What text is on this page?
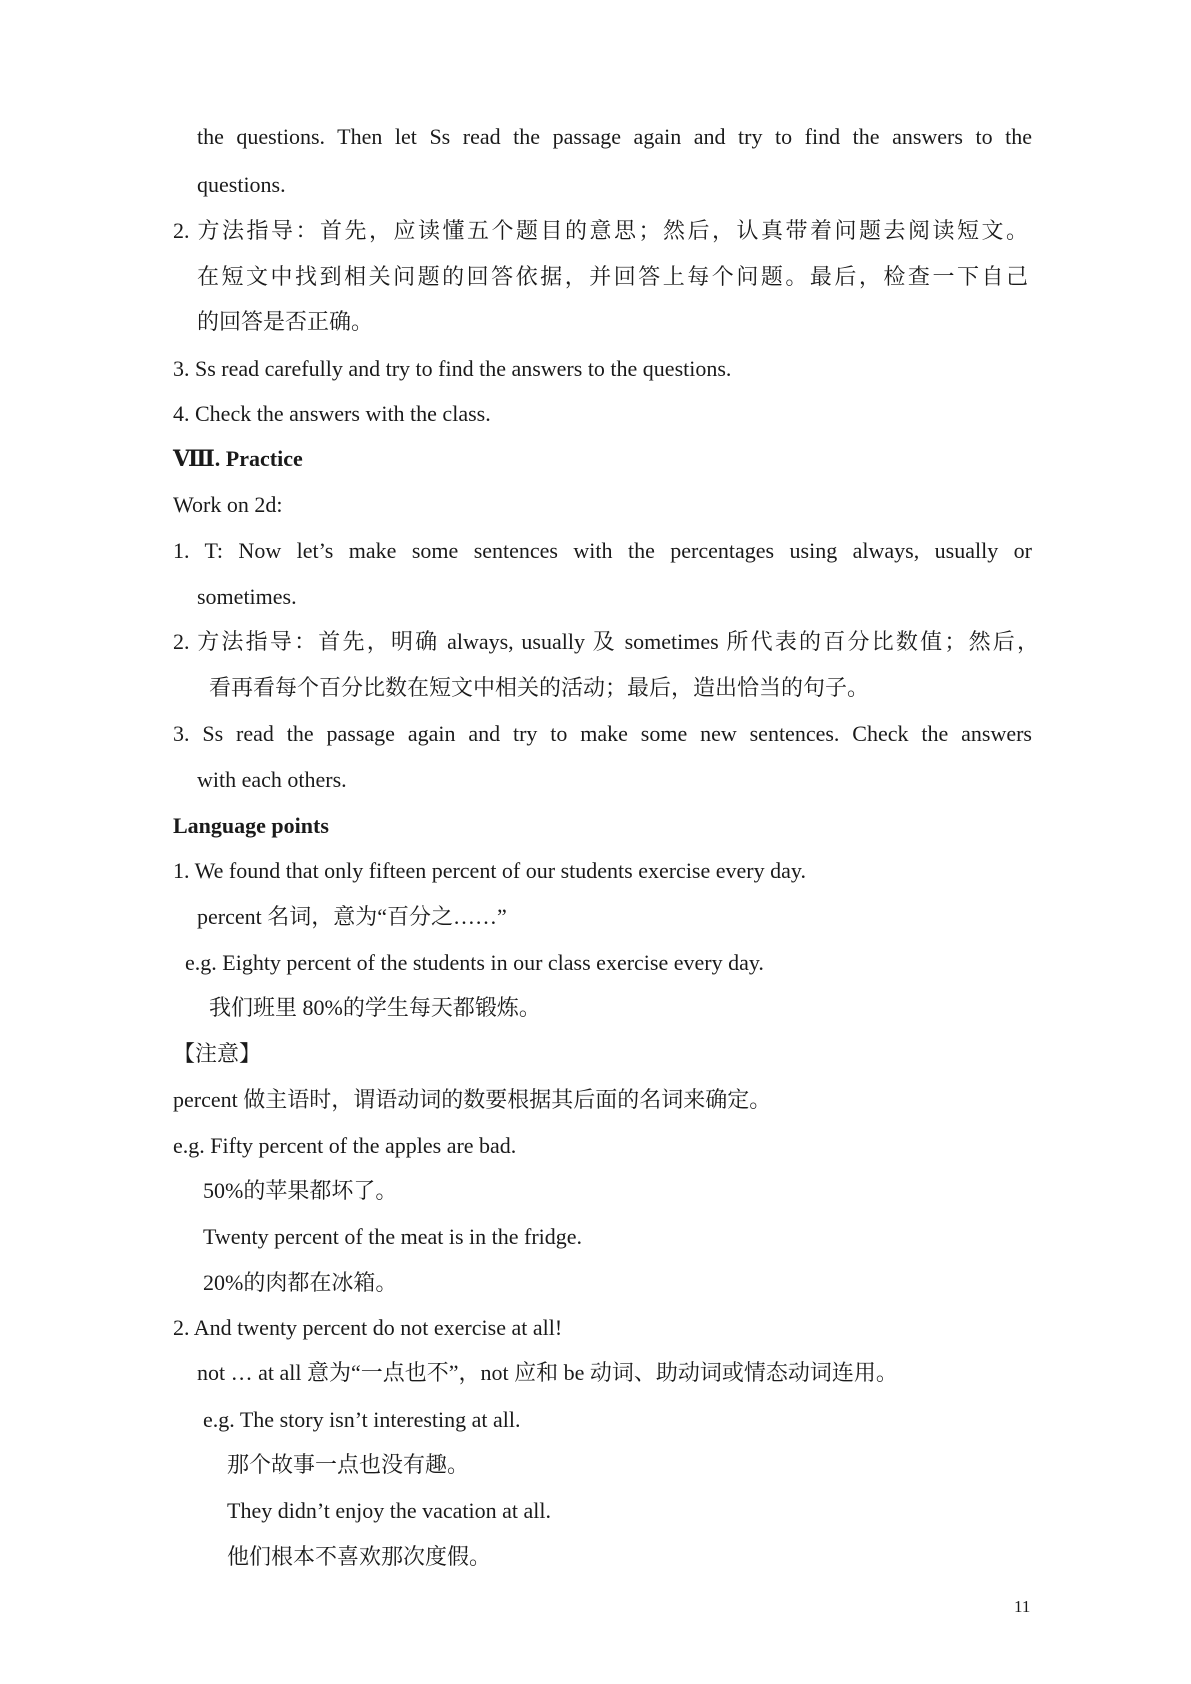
the questions. Then let Ss read the passage again and try to find the answers to the
questions.
2. 方法指导：首先，应读懂五个题目的意思；然后，认真带着问题去阅读短文。
在短文中找到相关问题的回答依据，并回答上每个问题。最后，检查一下自己
的回答是否正确。
3. Ss read carefully and try to find the answers to the questions.
4. Check the answers with the class.
Ⅷ. Practice
Work on 2d:
1. T: Now let’s make some sentences with the percentages using always, usually or
sometimes.
2. 方法指导：首先，明确 always, usually 及 sometimes 所代表的百分比数值；然后，
看再看每个百分比数在短文中相关的活动；最后，造出恰当的句子。
3. Ss read the passage again and try to make some new sentences. Check the answers
with each others.
Language points
1. We found that only fifteen percent of our students exercise every day.
percent 名词，意为“百分之……”
e.g. Eighty percent of the students in our class exercise every day.
我们班里 80%的学生每天都锻炼。
【注意】
percent 做主语时，谓语动词的数要根据其后面的名词来确定。
e.g. Fifty percent of the apples are bad.
50%的苹果都坏了。
Twenty percent of the meat is in the fridge.
20%的肉都在冰箱。
2. And twenty percent do not exercise at all!
not … at all 意为“一点也不”，not 应和 be 动词、助动词或情态动词连用。
e.g. The story isn’t interesting at all.
那个故事一点也没有趣。
They didn’t enjoy the vacation at all.
他们根本不喜欢那次度假。
11
